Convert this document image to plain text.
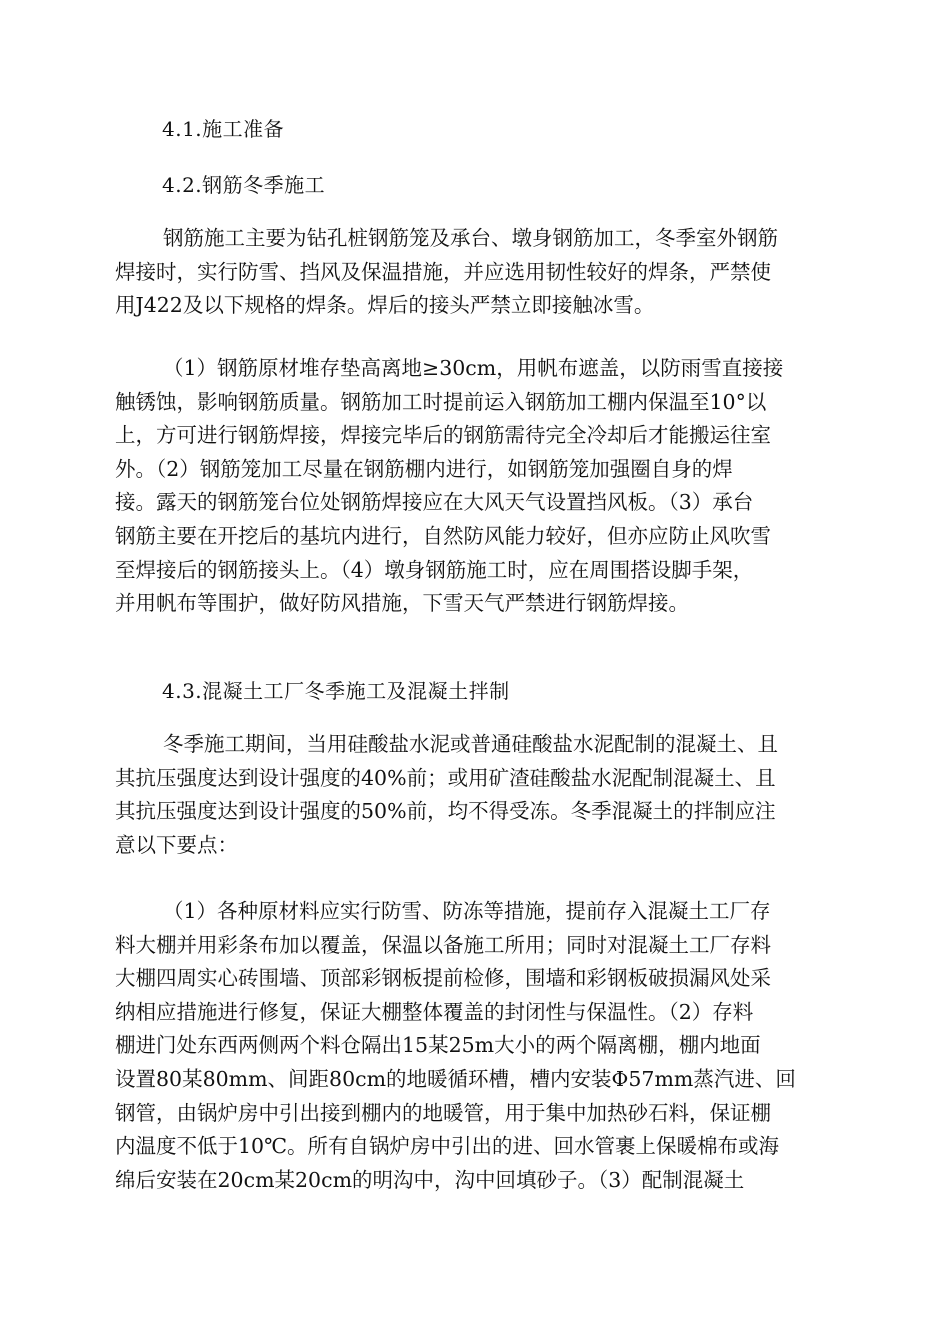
4.1.施工准备
4.2.钢筋冬季施工
钢筋施工主要为钻孔桩钢筋笼及承台、墩身钢筋加工，冬季室外钢筋
焊接时，实行防雪、挡风及保温措施，并应选用韧性较好的焊条，严禁使
用J422及以下规格的焊条。焊后的接头严禁立即接触冰雪。
（1）钢筋原材堆存垫高离地≥30cm，用帆布遮盖，以防雨雪直接接
触锈蚀，影响钢筋质量。钢筋加工时提前运入钢筋加工棚内保温至10°以
上，方可进行钢筋焊接，焊接完毕后的钢筋需待完全冷却后才能搬运往室
外。（2）钢筋笼加工尽量在钢筋棚内进行，如钢筋笼加强圈自身的焊
接。露天的钢筋笼台位处钢筋焊接应在大风天气设置挡风板。（3）承台
钢筋主要在开挖后的基坑内进行，自然防风能力较好，但亦应防止风吹雪
至焊接后的钢筋接头上。（4）墩身钢筋施工时，应在周围搭设脚手架，
并用帆布等围护，做好防风措施，下雪天气严禁进行钢筋焊接。
4.3.混凝土工厂冬季施工及混凝土拌制
冬季施工期间，当用硅酸盐水泥或普通硅酸盐水泥配制的混凝土、且
其抗压强度达到设计强度的40%前；或用矿渣硅酸盐水泥配制混凝土、且
其抗压强度达到设计强度的50%前，均不得受冻。冬季混凝土的拌制应注
意以下要点：
（1）各种原材料应实行防雪、防冻等措施，提前存入混凝土工厂存
料大棚并用彩条布加以覆盖，保温以备施工所用；同时对混凝土工厂存料
大棚四周实心砖围墙、顶部彩钢板提前检修，围墙和彩钢板破损漏风处采
纳相应措施进行修复，保证大棚整体覆盖的封闭性与保温性。（2）存料
棚进门处东西两侧两个料仓隔出15某25m大小的两个隔离棚，棚内地面
设置80某80mm、间距80cm的地暖循环槽，槽内安装Φ57mm蒸汽进、回
钢管，由锅炉房中引出接到棚内的地暖管，用于集中加热砂石料，保证棚
内温度不低于10℃。所有自锅炉房中引出的进、回水管裹上保暖棉布或海
绵后安装在20cm某20cm的明沟中，沟中回填砂子。（3）配制混凝土
